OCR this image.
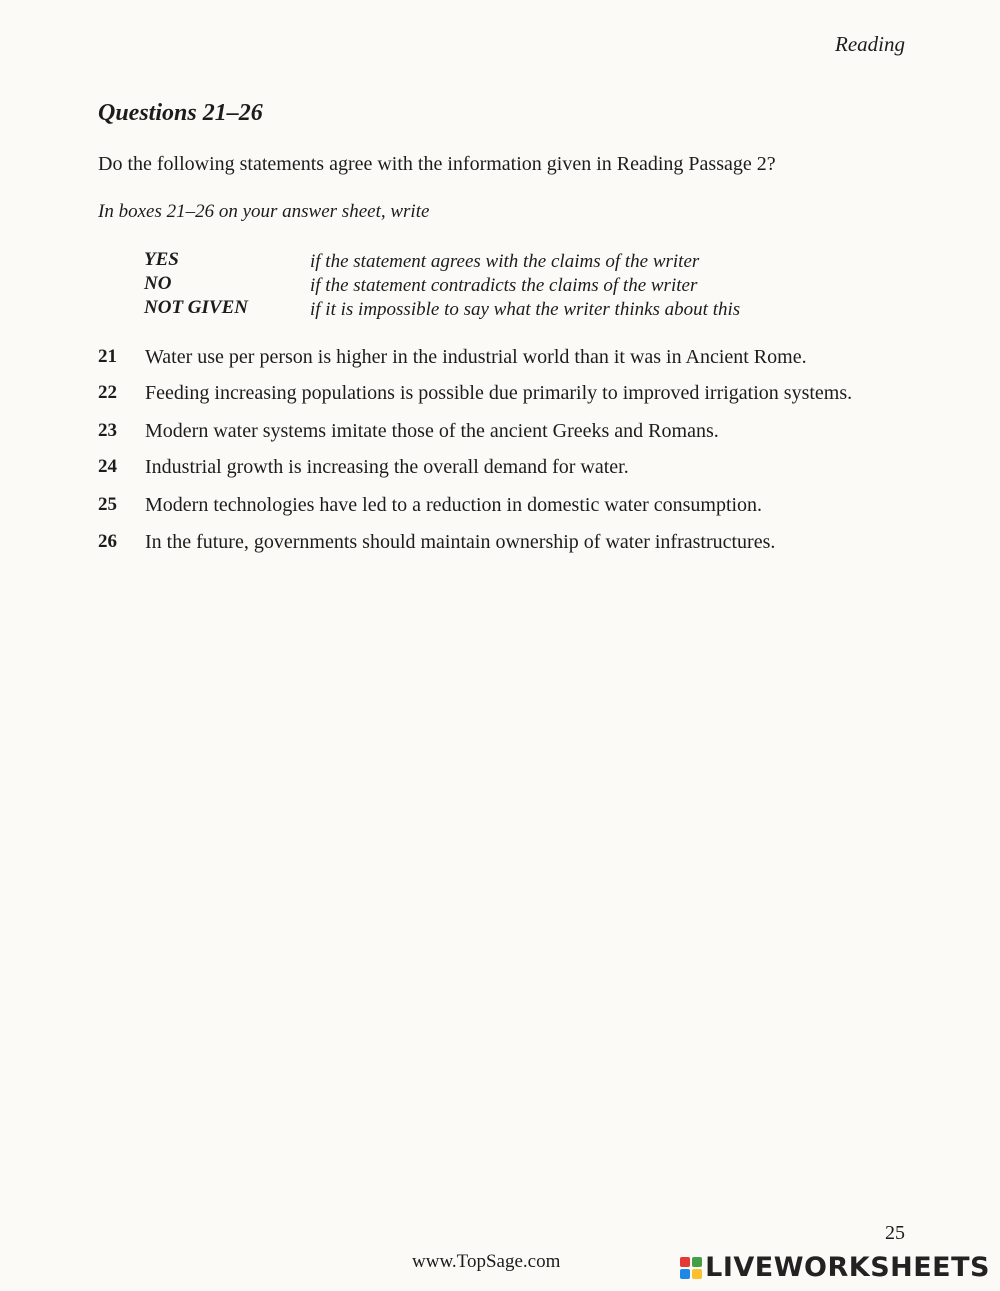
Reading
Questions 21–26
Do the following statements agree with the information given in Reading Passage 2?
In boxes 21–26 on your answer sheet, write
YES	if the statement agrees with the claims of the writer
NO	if the statement contradicts the claims of the writer
NOT GIVEN	if it is impossible to say what the writer thinks about this
21 Water use per person is higher in the industrial world than it was in Ancient Rome.
22 Feeding increasing populations is possible due primarily to improved irrigation systems.
23 Modern water systems imitate those of the ancient Greeks and Romans.
24 Industrial growth is increasing the overall demand for water.
25 Modern technologies have led to a reduction in domestic water consumption.
26 In the future, governments should maintain ownership of water infrastructures.
25
www.TopSage.com	LIVEWORKSHEETS
